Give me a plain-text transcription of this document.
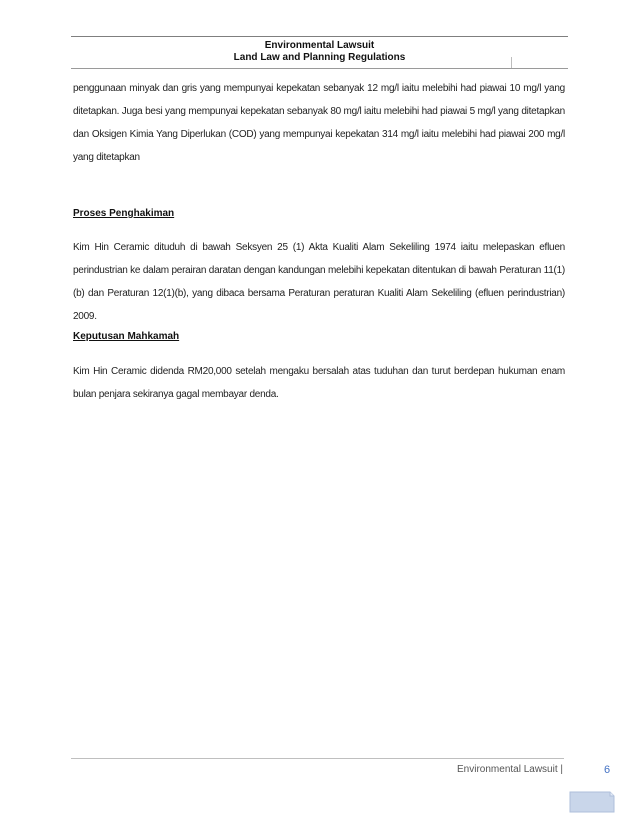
Environmental Lawsuit
Land Law and Planning Regulations

penggunaan minyak dan gris yang mempunyai kepekatan sebanyak 12 mg/l iaitu melebihi had piawai 10 mg/l yang ditetapkan. Juga besi yang mempunyai kepekatan sebanyak 80 mg/l iaitu melebihi had piawai 5 mg/l yang ditetapkan dan Oksigen Kimia Yang Diperlukan (COD) yang mempunyai kepekatan 314 mg/l iaitu melebihi had piawai 200 mg/l yang ditetapkan

Proses Penghakiman

Kim Hin Ceramic dituduh di bawah Seksyen 25 (1) Akta Kualiti Alam Sekeliling 1974 iaitu melepaskan efluen perindustrian ke dalam perairan daratan dengan kandungan melebihi kepekatan ditentukan di bawah Peraturan 11(1)(b) dan Peraturan 12(1)(b), yang dibaca bersama Peraturan peraturan Kualiti Alam Sekeliling (efluen perindustrian) 2009.

Keputusan Mahkamah

Kim Hin Ceramic didenda RM20,000 setelah mengaku bersalah atas tuduhan dan turut berdepan hukuman enam bulan penjara sekiranya gagal membayar denda.

Environmental Lawsuit |	6
